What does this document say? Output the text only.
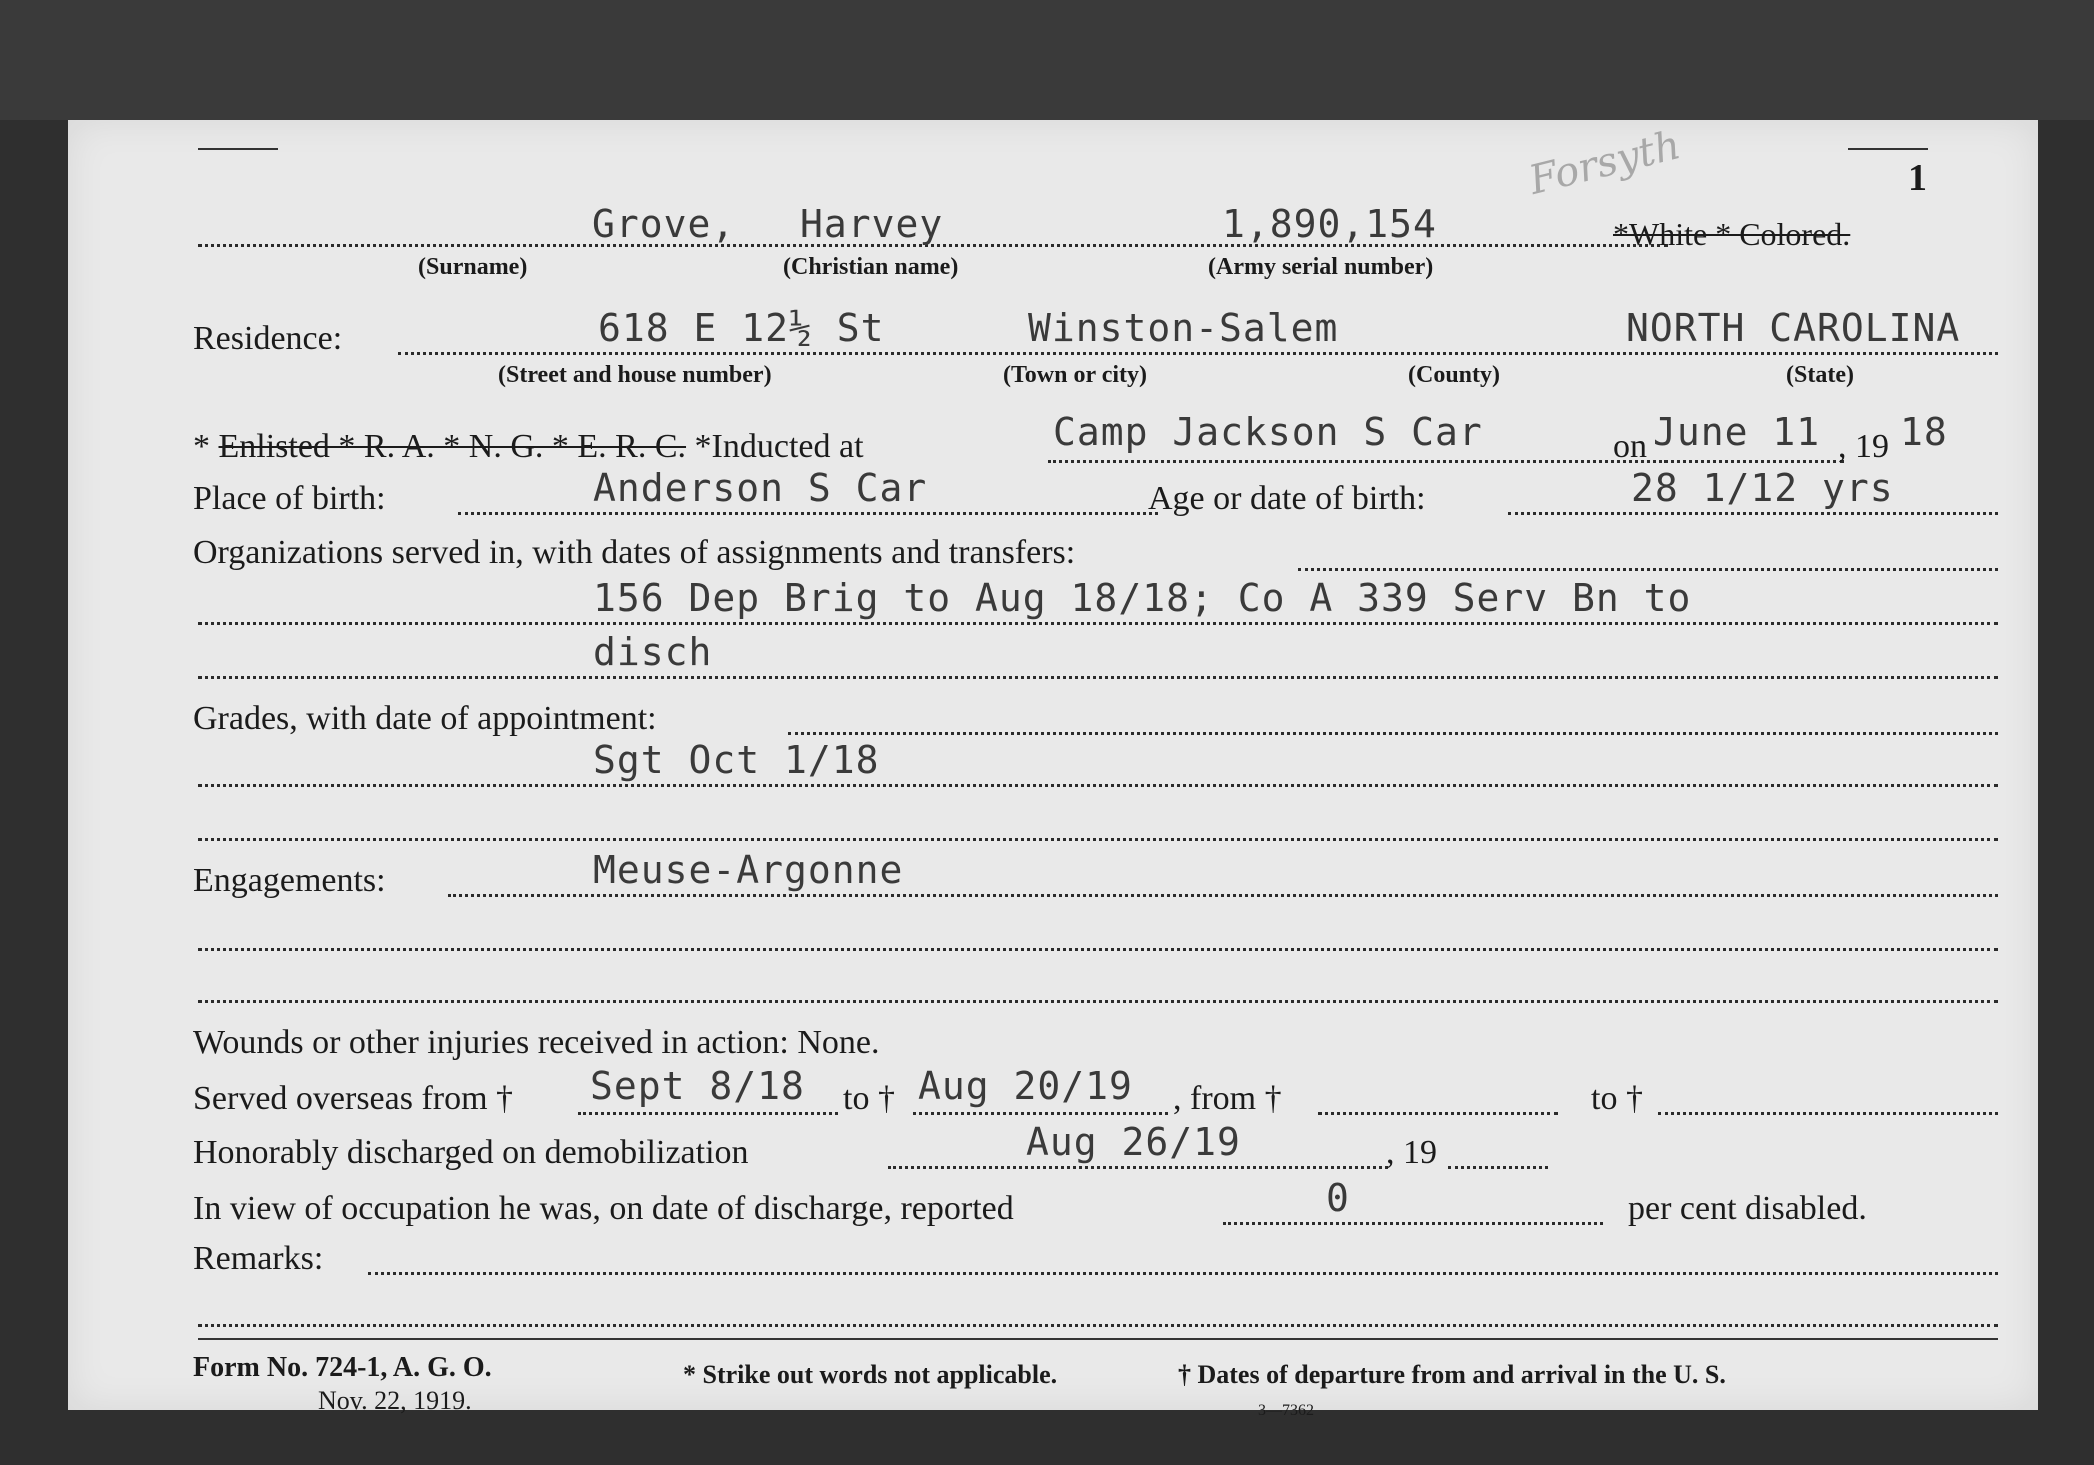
1
Forsyth
Grove, Harvey	1,890,154	*White * Colored.
(Surname)	(Christian name)	(Army serial number)
Residence:	618 E 12½ St	Winston-Salem	NORTH CAROLINA
(Street and house number)	(Town or city)	(County)	(State)
* Enlisted * R. A. * N. G. * E. R. C. *Inducted at	Camp Jackson S Car	on June 11 , 19 18
Place of birth:	Anderson S Car	Age or date of birth:	28 1/12 yrs
Organizations served in, with dates of assignments and transfers:
156 Dep Brig to Aug 18/18; Co A 339 Serv Bn to
disch
Grades, with date of appointment:
Sgt Oct 1/18
Engagements:	Meuse-Argonne
Wounds or other injuries received in action: None.
Served overseas from † Sept 8/18 to † Aug 20/19 , from †	to †
Honorably discharged on demobilization	Aug 26/19	, 19
In view of occupation he was, on date of discharge, reported	0	per cent disabled.
Remarks:
Form No. 724-1, A. G. O.
Nov. 22, 1919.
* Strike out words not applicable.	† Dates of departure from and arrival in the U. S.
3—7362
